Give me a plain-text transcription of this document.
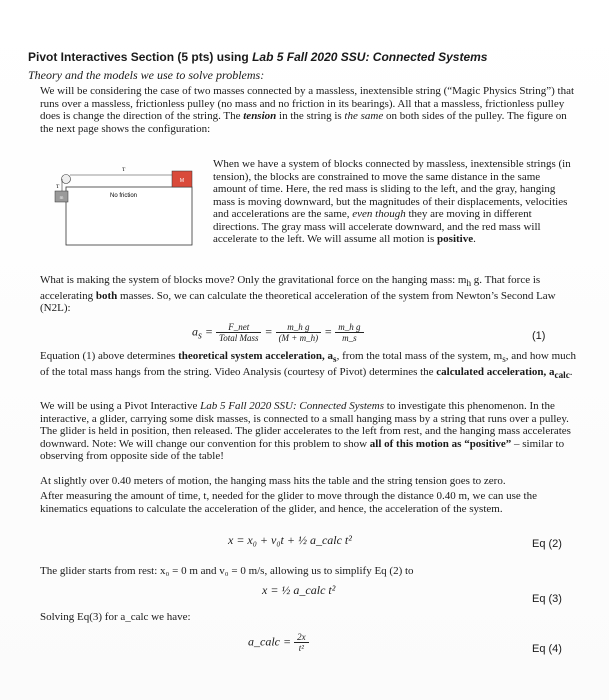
Pivot Interactives Section (5 pts) using Lab 5 Fall 2020 SSU: Connected Systems
Theory and the models we use to solve problems:
We will be considering the case of two masses connected by a massless, inextensible string (“Magic Physics String”) that runs over a massless, frictionless pulley (no mass and no friction in its bearings). All that a massless, frictionless pulley does is change the direction of the string. The tension in the string is the same on both sides of the pulley. The figure on the next page shows the configuration:
M
m
T
T
No friction
When we have a system of blocks connected by massless, inextensible strings (in tension), the blocks are constrained to move the same distance in the same amount of time. Here, the red mass is sliding to the left, and the gray, hanging mass is moving downward, but the magnitudes of their displacements, velocities and accelerations are the same, even though they are moving in different directions. The gray mass will accelerate downward, and the red mass will accelerate to the left. We will assume all motion is positive.
What is making the system of blocks move? Only the gravitational force on the hanging mass: $m_h$ g. That force is accelerating both masses. So, we can calculate the theoretical acceleration of the system from Newton’s Second Law (N2L):
$a_s = \frac{\text{F\_net}}{\text{Total Mass}} = \frac{\text{m\_h g}}{(M + m\_h)} = \frac{\text{m\_h g}}{m\_s}$	(1)
Equation (1) above determines theoretical system acceleration, $a_s$, from the total mass of the system, $m_s$, and how much of the total mass hangs from the string. Video Analysis (courtesy of Pivot) determines the calculated acceleration, $a_{calc}$.
We will be using a Pivot Interactive Lab 5 Fall 2020 SSU: Connected Systems to investigate this phenomenon. In the interactive, a glider, carrying some disk masses, is connected to a small hanging mass by a string that runs over a pulley. The glider is held in position, then released. The glider accelerates to the left from rest, and the hanging mass accelerates downward. Note: We will change our convention for this problem to show all of this motion as “positive” – similar to observing from opposite side of the table!
At slightly over 0.40 meters of motion, the hanging mass hits the table and the string tension goes to zero.
After measuring the amount of time, t, needed for the glider to move through the distance 0.40 m, we can use the kinematics equations to calculate the acceleration of the glider, and hence, the acceleration of the system.
x = x₀ + v₀t + ½ a_calc t²	Eq (2)
The glider starts from rest: x₀ = 0 m and v₀ = 0 m/s, allowing us to simplify Eq (2) to
x = ½ a_calc t²
Eq (3)
Solving Eq(3) for a_calc we have:
a_calc = $\frac{2x}{\text{t²}}$	Eq (4)
